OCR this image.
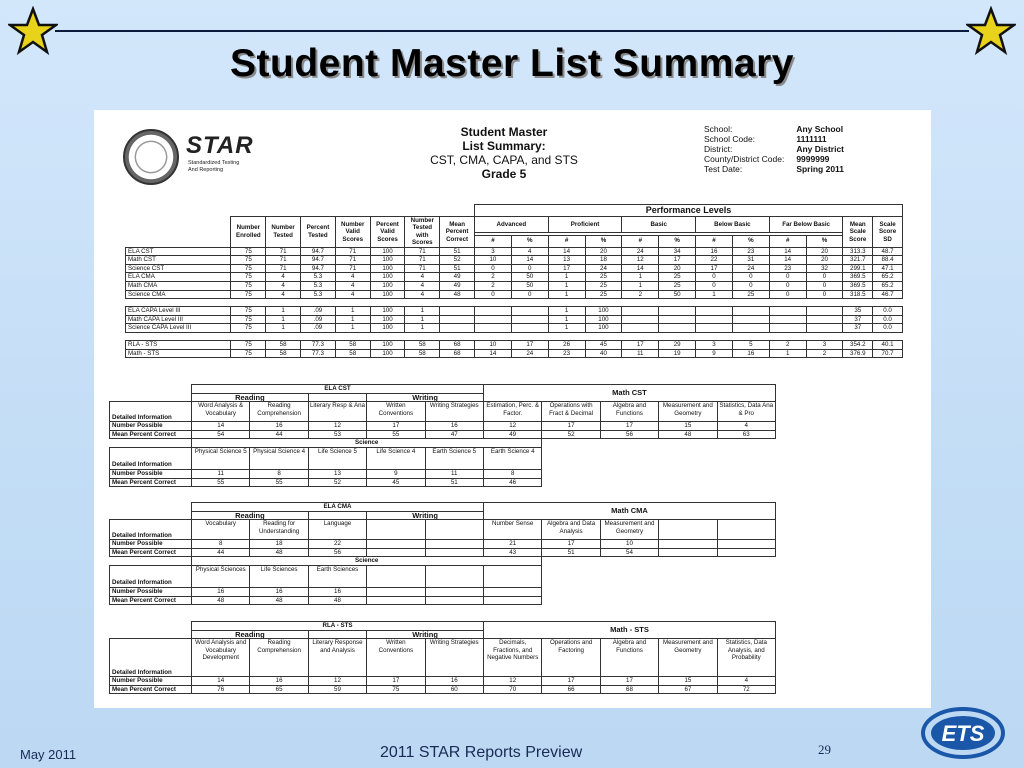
Student Master List Summary
STAR
Standardized Testing
And Reporting
Student Master
List Summary:
CST, CMA, CAPA, and STS
Grade 5
School:	Any School
School Code:	1111111
District:	Any District
County/District Code:	9999999
Test Date:	Spring 2011
								Performance Levels											
	Number Enrolled	Number Tested	Percent Tested	Number Valid Scores	Percent Valid Scores	Number Tested with Scores	Mean Percent Correct	Advanced		Proficient		Basic		Below Basic		Far Below Basic		Mean Scale Score	Scale Score SD

								#	%	#	%	#	%	#	%	#	%		
ELA CST	75	71	94.7	71	100	71	51	3	4	14	20	24	34	16	23	14	20	313.3	48.7
Math CST	75	71	94.7	71	100	71	52	10	14	13	18	12	17	22	31	14	20	321.7	88.4
Science CST	75	71	94.7	71	100	71	51	0	0	17	24	14	20	17	24	23	32	299.1	47.1
ELA CMA	75	4	5.3	4	100	4	49	2	50	1	25	1	25	0	0	0	0	369.5	65.2
Math CMA	75	4	5.3	4	100	4	49	2	50	1	25	1	25	0	0	0	0	369.5	65.2
Science CMA	75	4	5.3	4	100	4	48	0	0	1	25	2	50	1	25	0	0	318.5	46.7

ELA CAPA Level III	75	1	.09	1	100	1				1	100							35	0.0
Math CAPA Level III	75	1	.09	1	100	1				1	100							37	0.0
Science CAPA Level III	75	1	.09	1	100	1				1	100							37	0.0

RLA - STS	75	58	77.3	58	100	58	68	10	17	26	45	17	29	3	5	2	3	354.2	40.1
Math - STS	75	58	77.3	58	100	58	68	14	24	23	40	11	19	9	16	1	2	376.9	70.7
	ELA CST					Math CST					
	Reading			Writing							
Detailed Information	Word Analysis & Vocabulary	Reading Comprehension	Literary Resp & Ana	Written Conventions	Writing Strategies	Estimation, Perc. & Factor.	Operations with Fract & Decimal	Algebra and Functions	Measurement and Geometry	Statistics, Data Ana & Pro	
Number Possible	14	16	12	17	16	12	17	17	15	4	
Mean Percent Correct	54	44	53	55	47	49	52	56	48	63	
	Science										
Detailed Information	Physical Science 5	Physical Science 4	Life Science 5	Life Science 4	Earth Science 5	Earth Science 4					
Number Possible	11	8	13	9	11	8					
Mean Percent Correct	55	55	52	45	51	46					
	ELA CMA					Math CMA					
	Reading			Writing							
Detailed Information	Vocabulary	Reading for Understanding	Language			Number Sense	Algebra and Data Analysis	Measurement and Geometry			
Number Possible	8	18	22			21	17	10			
Mean Percent Correct	44	48	56			43	51	54			
	Science										
Detailed Information	Physical Sciences	Life Sciences	Earth Sciences								
Number Possible	16	16	16								
Mean Percent Correct	48	48	48								
	RLA - STS					Math - STS					
	Reading			Writing							
Detailed Information	Word Analysis and Vocabulary Development	Reading Comprehension	Literary Response and Analysis	Written Conventions	Writing Strategies	Decimals, Fractions, and Negative Numbers	Operations and Factoring	Algebra and Functions	Measurement and Geometry	Statistics, Data Analysis, and Probability	
Number Possible	14	16	12	17	16	12	17	17	15	4	
Mean Percent Correct	76	65	59	75	60	70	66	68	67	72	
May 2011	2011 STAR Reports Preview	29
ETS
